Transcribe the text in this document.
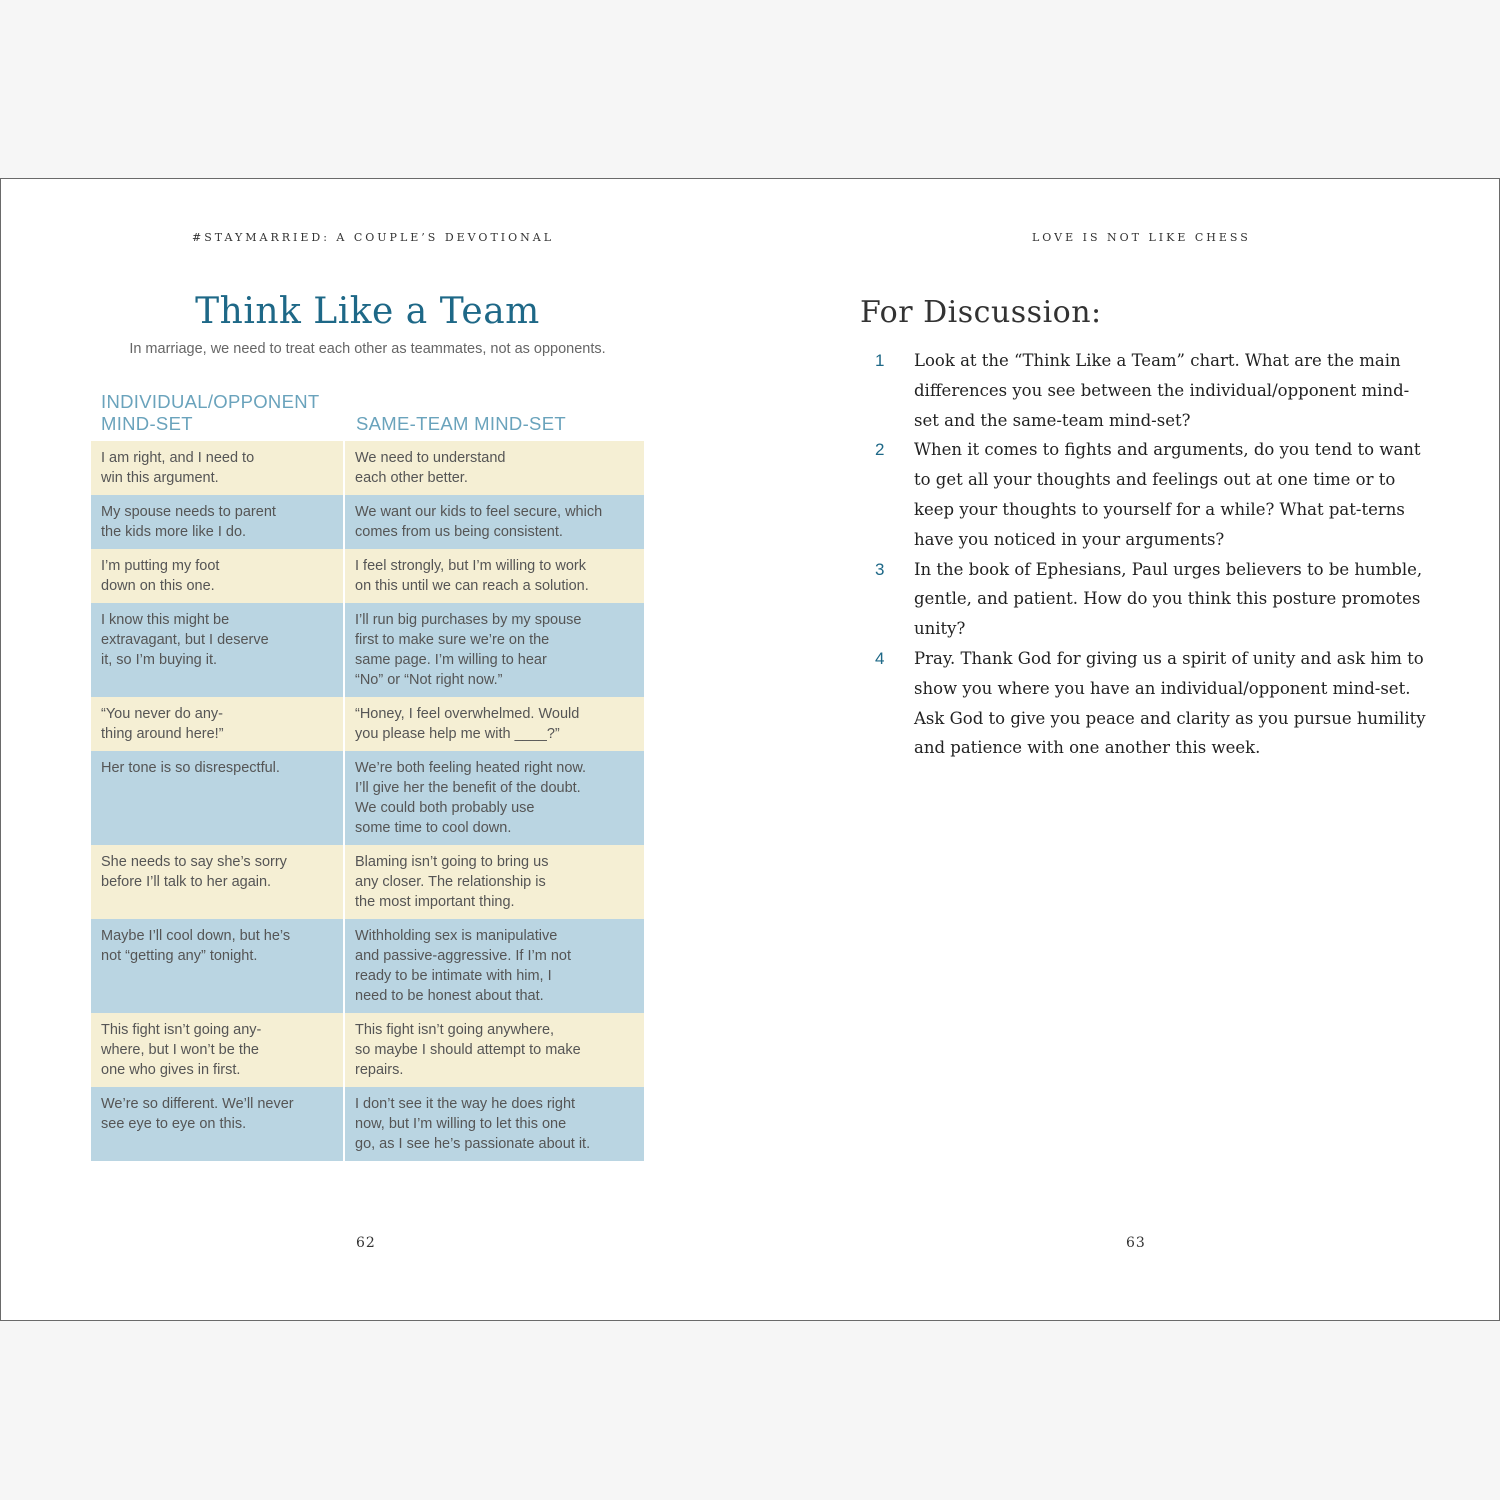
#STAYMARRIED: A COUPLE’S DEVOTIONAL
Think Like a Team
In marriage, we need to treat each other as teammates, not as opponents.
INDIVIDUAL/OPPONENT
MIND-SET	SAME-TEAM MIND-SET
I am right, and I need to
win this argument.
We need to understand
each other better.
My spouse needs to parent
the kids more like I do.
We want our kids to feel secure, which
comes from us being consistent.
I’m putting my foot
down on this one.
I feel strongly, but I’m willing to work
on this until we can reach a solution.
I know this might be
extravagant, but I deserve
it, so I’m buying it.
I’ll run big purchases by my spouse
first to make sure we’re on the
same page. I’m willing to hear
“No” or “Not right now.”
“You never do any-
thing around here!”
“Honey, I feel overwhelmed. Would
you please help me with ____?”
Her tone is so disrespectful.	We’re both feeling heated right now.
I’ll give her the benefit of the doubt.
We could both probably use
some time to cool down.
She needs to say she’s sorry
before I’ll talk to her again.
Blaming isn’t going to bring us
any closer. The relationship is
the most important thing.
Maybe I’ll cool down, but he’s
not “getting any” tonight.
Withholding sex is manipulative
and passive-aggressive. If I’m not
ready to be intimate with him, I
need to be honest about that.
This fight isn’t going any-
where, but I won’t be the
one who gives in first.
This fight isn’t going anywhere,
so maybe I should attempt to make
repairs.
We’re so different. We’ll never
see eye to eye on this.
I don’t see it the way he does right
now, but I’m willing to let this one
go, as I see he’s passionate about it.
62
LOVE IS NOT LIKE CHESS
For Discussion:
1 Look at the “Think Like a Team” chart. What are the main differences you see between the individual/opponent mind-set and the same-team mind-set?
2 When it comes to fights and arguments, do you tend to want to get all your thoughts and feelings out at one time or to keep your thoughts to yourself for a while? What pat-terns have you noticed in your arguments?
3 In the book of Ephesians, Paul urges believers to be humble, gentle, and patient. How do you think this posture promotes unity?
4 Pray. Thank God for giving us a spirit of unity and ask him to show you where you have an individual/opponent mind-set. Ask God to give you peace and clarity as you pursue humility and patience with one another this week.
63
